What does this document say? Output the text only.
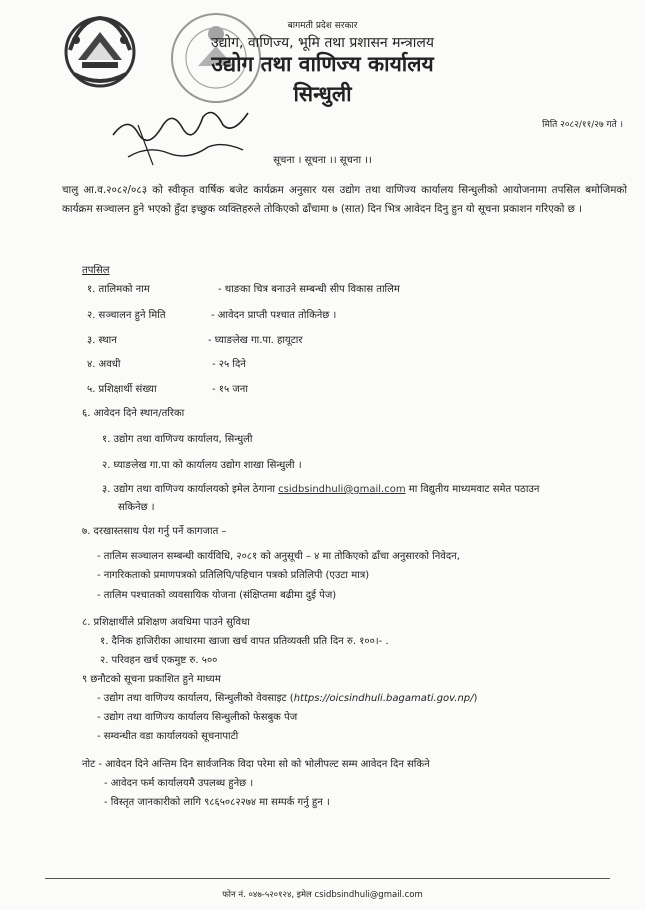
बागमती प्रदेश सरकार
उद्योग, वाणिज्य, भूमि तथा प्रशासन मन्त्रालय
उद्योग तथा वाणिज्य कार्यालय
सिन्धुली
मिति २०८२/११/२७ गते ।
सूचना । सूचना ।। सूचना ।।
चालु आ.व.२०८२/०८३ को स्वीकृत वार्षिक बजेट कार्यक्रम अनुसार यस उद्योग तथा वाणिज्य कार्यालय सिन्धुलीको आयोजनामा तपसिल बमोजिमको कार्यक्रम सञ्चालन हुने भएको हुँदा इच्छुक व्यक्तिहरुले तोकिएको ढाँचामा ७ (सात) दिन भित्र आवेदन दिनु हुन यो सूचना प्रकाशन गरिएको छ ।
तपसिल
१. तालिमको नाम	- थाङका चित्र बनाउने सम्बन्धी सीप विकास तालिम
२. सञ्चालन हुने मिति	- आवेदन प्राप्ती पश्चात तोकिनेछ ।
३. स्थान	- घ्याङलेख गा.पा. हायूटार
४. अवधी	- २५ दिने
५. प्रशिक्षार्थी संख्या	- १५ जना
६. आवेदन दिने स्थान/तरिका
१. उद्योग तथा वाणिज्य कार्यालय, सिन्धुली
२. घ्याङलेख गा.पा को कार्यालय उद्योग शाखा सिन्धुली ।
३. उद्योग तथा वाणिज्य कार्यालयको इमेल ठेगाना csidbsindhuli@gmail.com मा विद्युतीय माध्यमवाट समेत पठाउन
सकिनेछ ।
७. दरखास्तसाथ पेश गर्नु पर्ने कागजात –
- तालिम सञ्चालन सम्बन्धी कार्यविधि, २०८१ को अनुसूची – ४ मा तोकिएको ढाँचा अनुसारको निवेदन,
- नागरिकताको प्रमाणपत्रको प्रतिलिपि/पहिचान पत्रको प्रतिलिपी (एउटा मात्र)
- तालिम पश्चातको व्यवसायिक योजना (संक्षिप्तमा बढीमा दुई पेज)
८. प्रशिक्षार्थीले प्रशिक्षण अवधिमा पाउने सुविधा
१. दैनिक हाजिरीका आधारमा खाजा खर्च वापत प्रतिव्यक्ती प्रति दिन रु. १००।- .
२. परिवहन खर्च एकमुष्ट रु. ५००
९ छनौटको सूचना प्रकाशित हुने माध्यम
- उद्योग तथा वाणिज्य कार्यालय, सिन्धुलीको वेवसाइट (https://oicsindhuli.bagamati.gov.np/)
- उद्योग तथा वाणिज्य कार्यालय सिन्धुलीको फेसबुक पेज
- सम्वन्धीत वडा कार्यालयको सूचनापाटी
नोट - आवेदन दिने अन्तिम दिन सार्वजनिक विदा परेमा सो को भोलीपल्ट सम्म आवेदन दिन सकिने
- आवेदन फर्म कार्यालयमै उपलब्ध हुनेछ ।
- विस्तृत जानकारीको लागि ९८६५०८२२७४ मा सम्पर्क गर्नु हुन ।
फोन नं. ०४७-५२०१२४, इमेल csidbsindhuli@gmail.com
